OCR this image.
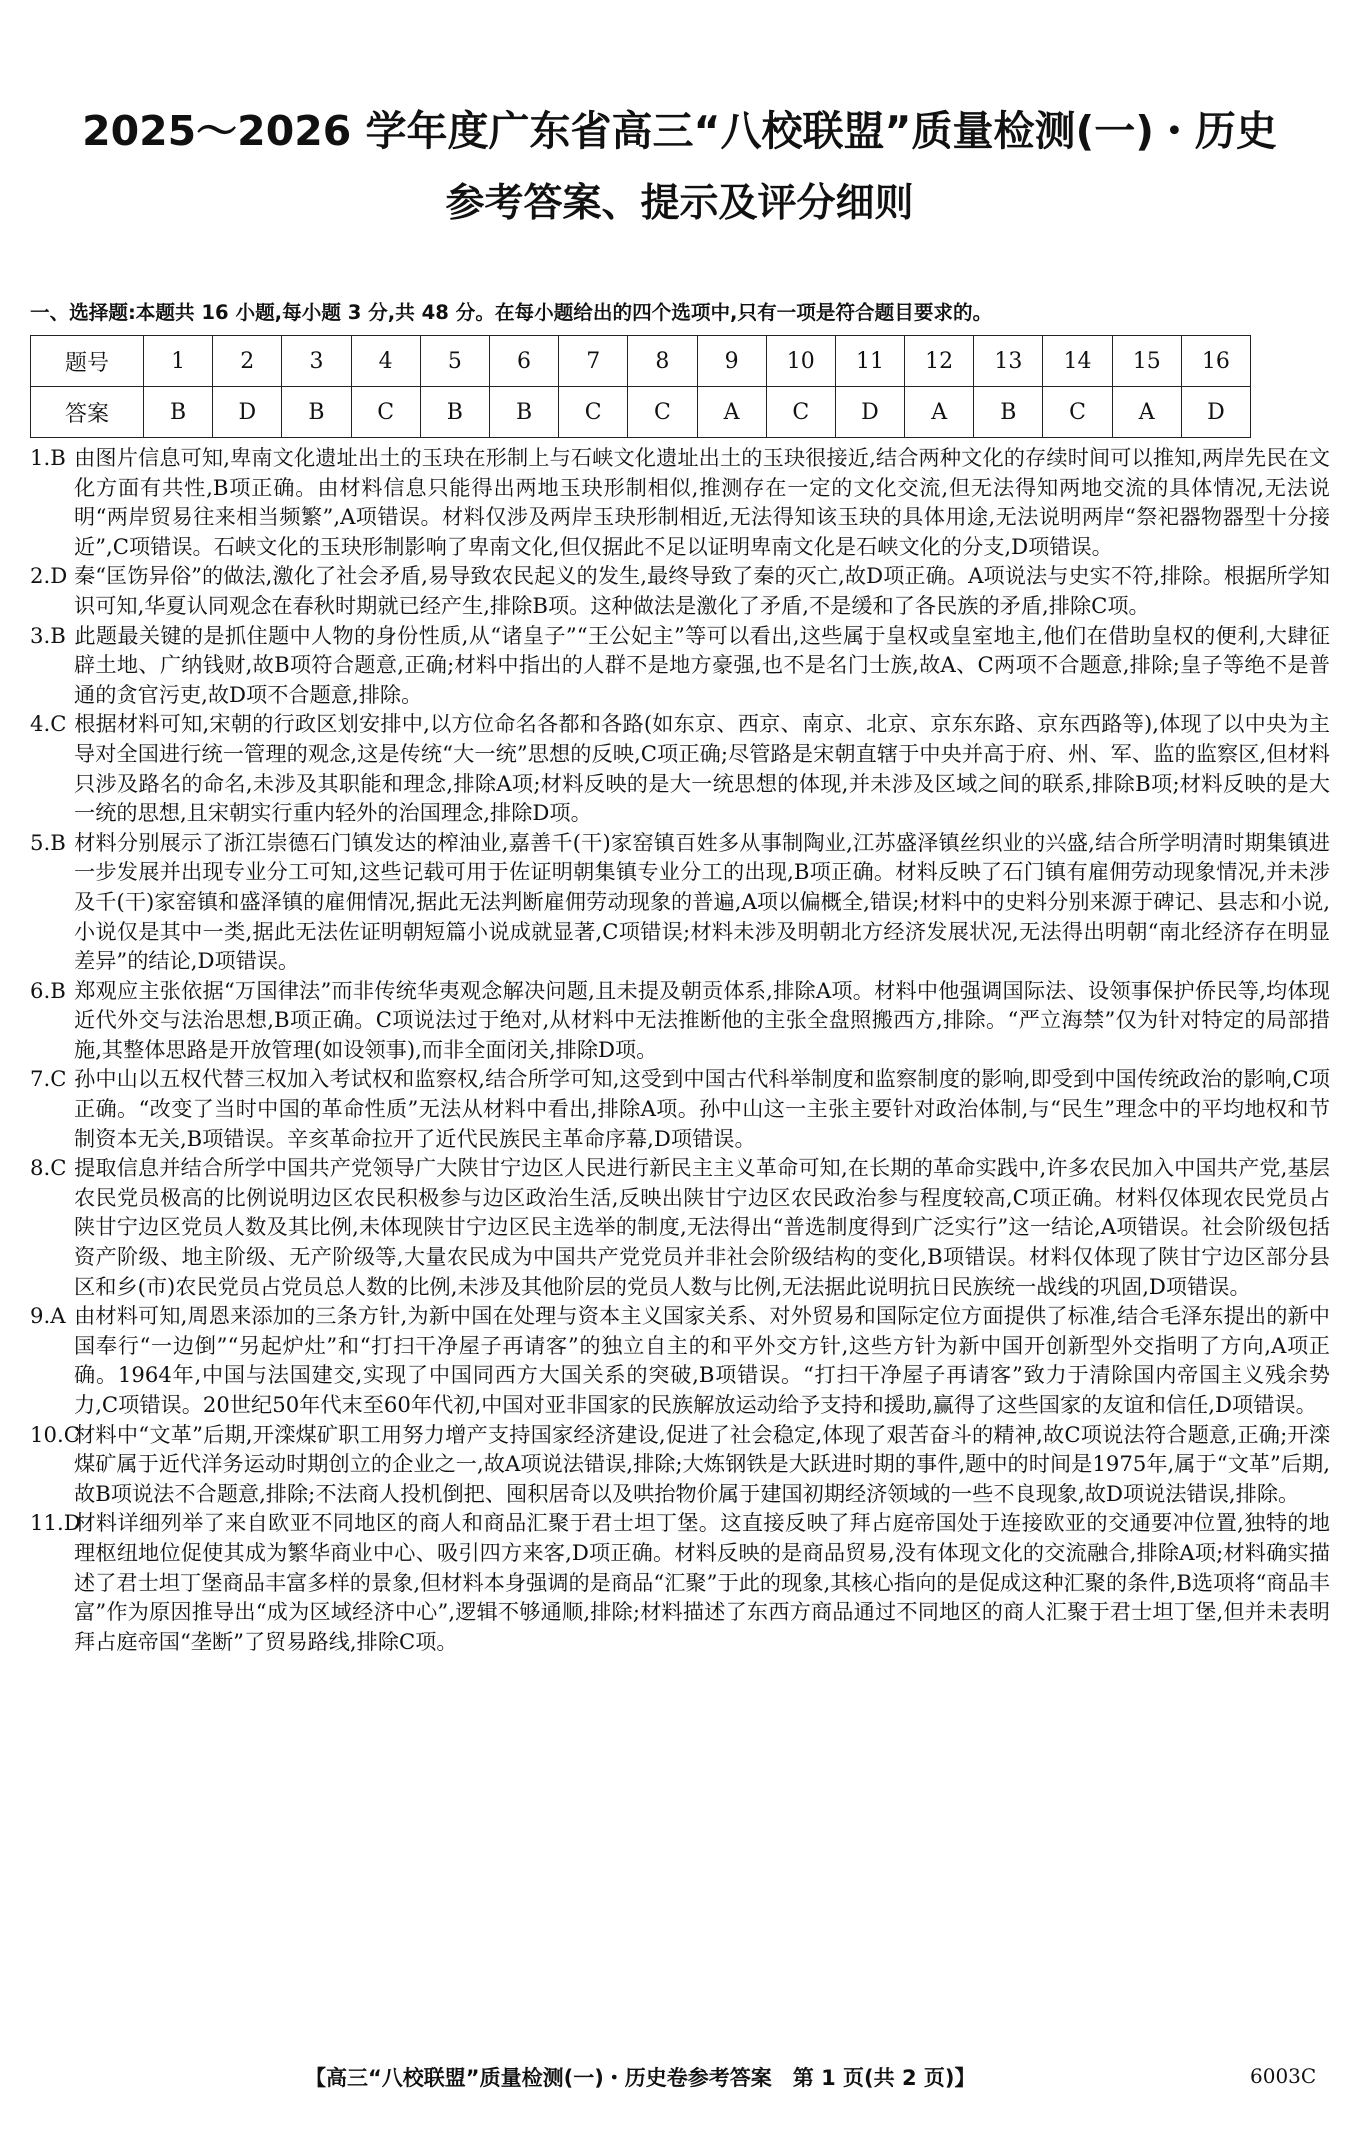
2025～2026 学年度广东省高三“八校联盟”质量检测(一)・历史
参考答案、提示及评分细则
一、选择题:本题共 16 小题,每小题 3 分,共 48 分。在每小题给出的四个选项中,只有一项是符合题目要求的。
题号	1	2	3	4	5	6	7	8	9	10	11	12	13	14	15	16
答案	B	D	B	C	B	B	C	C	A	C	D	A	B	C	A	D

1.B 由图片信息可知,卑南文化遗址出土的玉玦在形制上与石峡文化遗址出土的玉玦很接近,结合两种文化的存续时间可以推知,两岸先民在文化方面有共性,B项正确。由材料信息只能得出两地玉玦形制相似,推测存在一定的文化交流,但无法得知两地交流的具体情况,无法说明“两岸贸易往来相当频繁”,A项错误。材料仅涉及两岸玉玦形制相近,无法得知该玉玦的具体用途,无法说明两岸“祭祀器物器型十分接近”,C项错误。石峡文化的玉玦形制影响了卑南文化,但仅据此不足以证明卑南文化是石峡文化的分支,D项错误。

2.D 秦“匡饬异俗”的做法,激化了社会矛盾,易导致农民起义的发生,最终导致了秦的灭亡,故D项正确。A项说法与史实不符,排除。根据所学知识可知,华夏认同观念在春秋时期就已经产生,排除B项。这种做法是激化了矛盾,不是缓和了各民族的矛盾,排除C项。

3.B 此题最关键的是抓住题中人物的身份性质,从“诸皇子”“王公妃主”等可以看出,这些属于皇权或皇室地主,他们在借助皇权的便利,大肆征辟土地、广纳钱财,故B项符合题意,正确;材料中指出的人群不是地方豪强,也不是名门士族,故A、C两项不合题意,排除;皇子等绝不是普通的贪官污吏,故D项不合题意,排除。

4.C 根据材料可知,宋朝的行政区划安排中,以方位命名各都和各路(如东京、西京、南京、北京、京东东路、京东西路等),体现了以中央为主导对全国进行统一管理的观念,这是传统“大一统”思想的反映,C项正确;尽管路是宋朝直辖于中央并高于府、州、军、监的监察区,但材料只涉及路名的命名,未涉及其职能和理念,排除A项;材料反映的是大一统思想的体现,并未涉及区域之间的联系,排除B项;材料反映的是大一统的思想,且宋朝实行重内轻外的治国理念,排除D项。

5.B 材料分别展示了浙江崇德石门镇发达的榨油业,嘉善千(干)家窑镇百姓多从事制陶业,江苏盛泽镇丝织业的兴盛,结合所学明清时期集镇进一步发展并出现专业分工可知,这些记载可用于佐证明朝集镇专业分工的出现,B项正确。材料反映了石门镇有雇佣劳动现象情况,并未涉及千(干)家窑镇和盛泽镇的雇佣情况,据此无法判断雇佣劳动现象的普遍,A项以偏概全,错误;材料中的史料分别来源于碑记、县志和小说,小说仅是其中一类,据此无法佐证明朝短篇小说成就显著,C项错误;材料未涉及明朝北方经济发展状况,无法得出明朝“南北经济存在明显差异”的结论,D项错误。

6.B 郑观应主张依据“万国律法”而非传统华夷观念解决问题,且未提及朝贡体系,排除A项。材料中他强调国际法、设领事保护侨民等,均体现近代外交与法治思想,B项正确。C项说法过于绝对,从材料中无法推断他的主张全盘照搬西方,排除。“严立海禁”仅为针对特定的局部措施,其整体思路是开放管理(如设领事),而非全面闭关,排除D项。

7.C 孙中山以五权代替三权加入考试权和监察权,结合所学可知,这受到中国古代科举制度和监察制度的影响,即受到中国传统政治的影响,C项正确。“改变了当时中国的革命性质”无法从材料中看出,排除A项。孙中山这一主张主要针对政治体制,与“民生”理念中的平均地权和节制资本无关,B项错误。辛亥革命拉开了近代民族民主革命序幕,D项错误。

8.C 提取信息并结合所学中国共产党领导广大陕甘宁边区人民进行新民主主义革命可知,在长期的革命实践中,许多农民加入中国共产党,基层农民党员极高的比例说明边区农民积极参与边区政治生活,反映出陕甘宁边区农民政治参与程度较高,C项正确。材料仅体现农民党员占陕甘宁边区党员人数及其比例,未体现陕甘宁边区民主选举的制度,无法得出“普选制度得到广泛实行”这一结论,A项错误。社会阶级包括资产阶级、地主阶级、无产阶级等,大量农民成为中国共产党党员并非社会阶级结构的变化,B项错误。材料仅体现了陕甘宁边区部分县区和乡(市)农民党员占党员总人数的比例,未涉及其他阶层的党员人数与比例,无法据此说明抗日民族统一战线的巩固,D项错误。

9.A 由材料可知,周恩来添加的三条方针,为新中国在处理与资本主义国家关系、对外贸易和国际定位方面提供了标准,结合毛泽东提出的新中国奉行“一边倒”“另起炉灶”和“打扫干净屋子再请客”的独立自主的和平外交方针,这些方针为新中国开创新型外交指明了方向,A项正确。1964年,中国与法国建交,实现了中国同西方大国关系的突破,B项错误。“打扫干净屋子再请客”致力于清除国内帝国主义残余势力,C项错误。20世纪50年代末至60年代初,中国对亚非国家的民族解放运动给予支持和援助,赢得了这些国家的友谊和信任,D项错误。

10.C材料中“文革”后期,开滦煤矿职工用努力增产支持国家经济建设,促进了社会稳定,体现了艰苦奋斗的精神,故C项说法符合题意,正确;开滦煤矿属于近代洋务运动时期创立的企业之一,故A项说法错误,排除;大炼钢铁是大跃进时期的事件,题中的时间是1975年,属于“文革”后期,故B项说法不合题意,排除;不法商人投机倒把、囤积居奇以及哄抬物价属于建国初期经济领域的一些不良现象,故D项说法错误,排除。

11.D材料详细列举了来自欧亚不同地区的商人和商品汇聚于君士坦丁堡。这直接反映了拜占庭帝国处于连接欧亚的交通要冲位置,独特的地理枢纽地位促使其成为繁华商业中心、吸引四方来客,D项正确。材料反映的是商品贸易,没有体现文化的交流融合,排除A项;材料确实描述了君士坦丁堡商品丰富多样的景象,但材料本身强调的是商品“汇聚”于此的现象,其核心指向的是促成这种汇聚的条件,B选项将“商品丰富”作为原因推导出“成为区域经济中心”,逻辑不够通顺,排除;材料描述了东西方商品通过不同地区的商人汇聚于君士坦丁堡,但并未表明拜占庭帝国“垄断”了贸易路线,排除C项。

【高三“八校联盟”质量检测(一)・历史卷参考答案　第 1 页(共 2 页)】	6003C
